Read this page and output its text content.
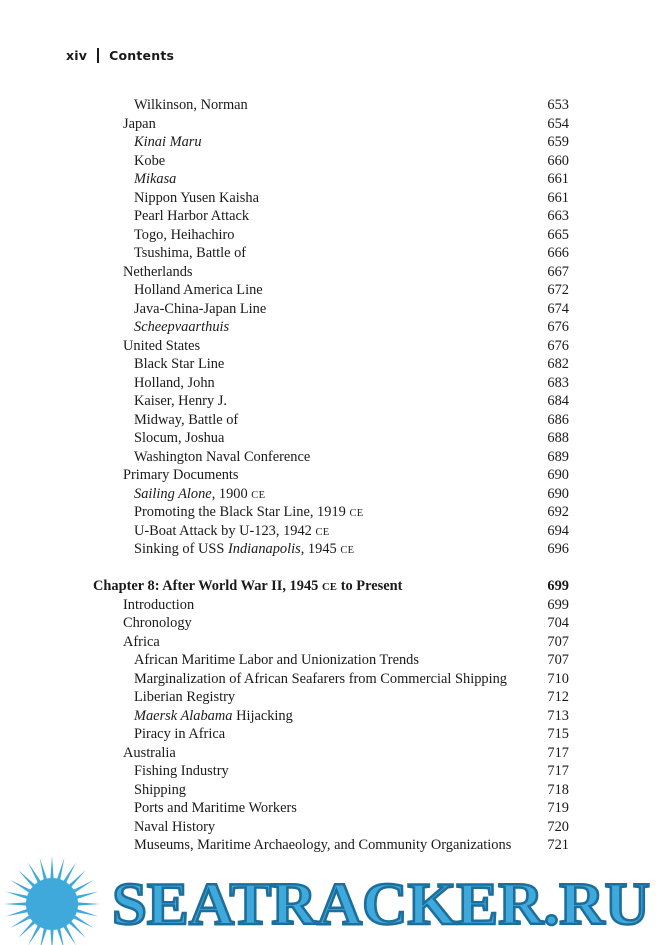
xiv Contents
Wilkinson, Norman	653
Japan	654
Kinai Maru	659
Kobe	660
Mikasa	661
Nippon Yusen Kaisha	661
Pearl Harbor Attack	663
Togo, Heihachiro	665
Tsushima, Battle of	666
Netherlands	667
Holland America Line	672
Java-China-Japan Line	674
Scheepvaarthuis	676
United States	676
Black Star Line	682
Holland, John	683
Kaiser, Henry J.	684
Midway, Battle of	686
Slocum, Joshua	688
Washington Naval Conference	689
Primary Documents	690
Sailing Alone, 1900 CE	690
Promoting the Black Star Line, 1919 CE	692
U-Boat Attack by U-123, 1942 CE	694
Sinking of USS Indianapolis, 1945 CE	696
Chapter 8: After World War II, 1945 CE to Present	699
Introduction	699
Chronology	704
Africa	707
African Maritime Labor and Unionization Trends	707
Marginalization of African Seafarers from Commercial Shipping	710
Liberian Registry	712
Maersk Alabama Hijacking	713
Piracy in Africa	715
Australia	717
Fishing Industry	717
Shipping	718
Ports and Maritime Workers	719
Naval History	720
Museums, Maritime Archaeology, and Community Organizations	721
SEATRACKER.RU
